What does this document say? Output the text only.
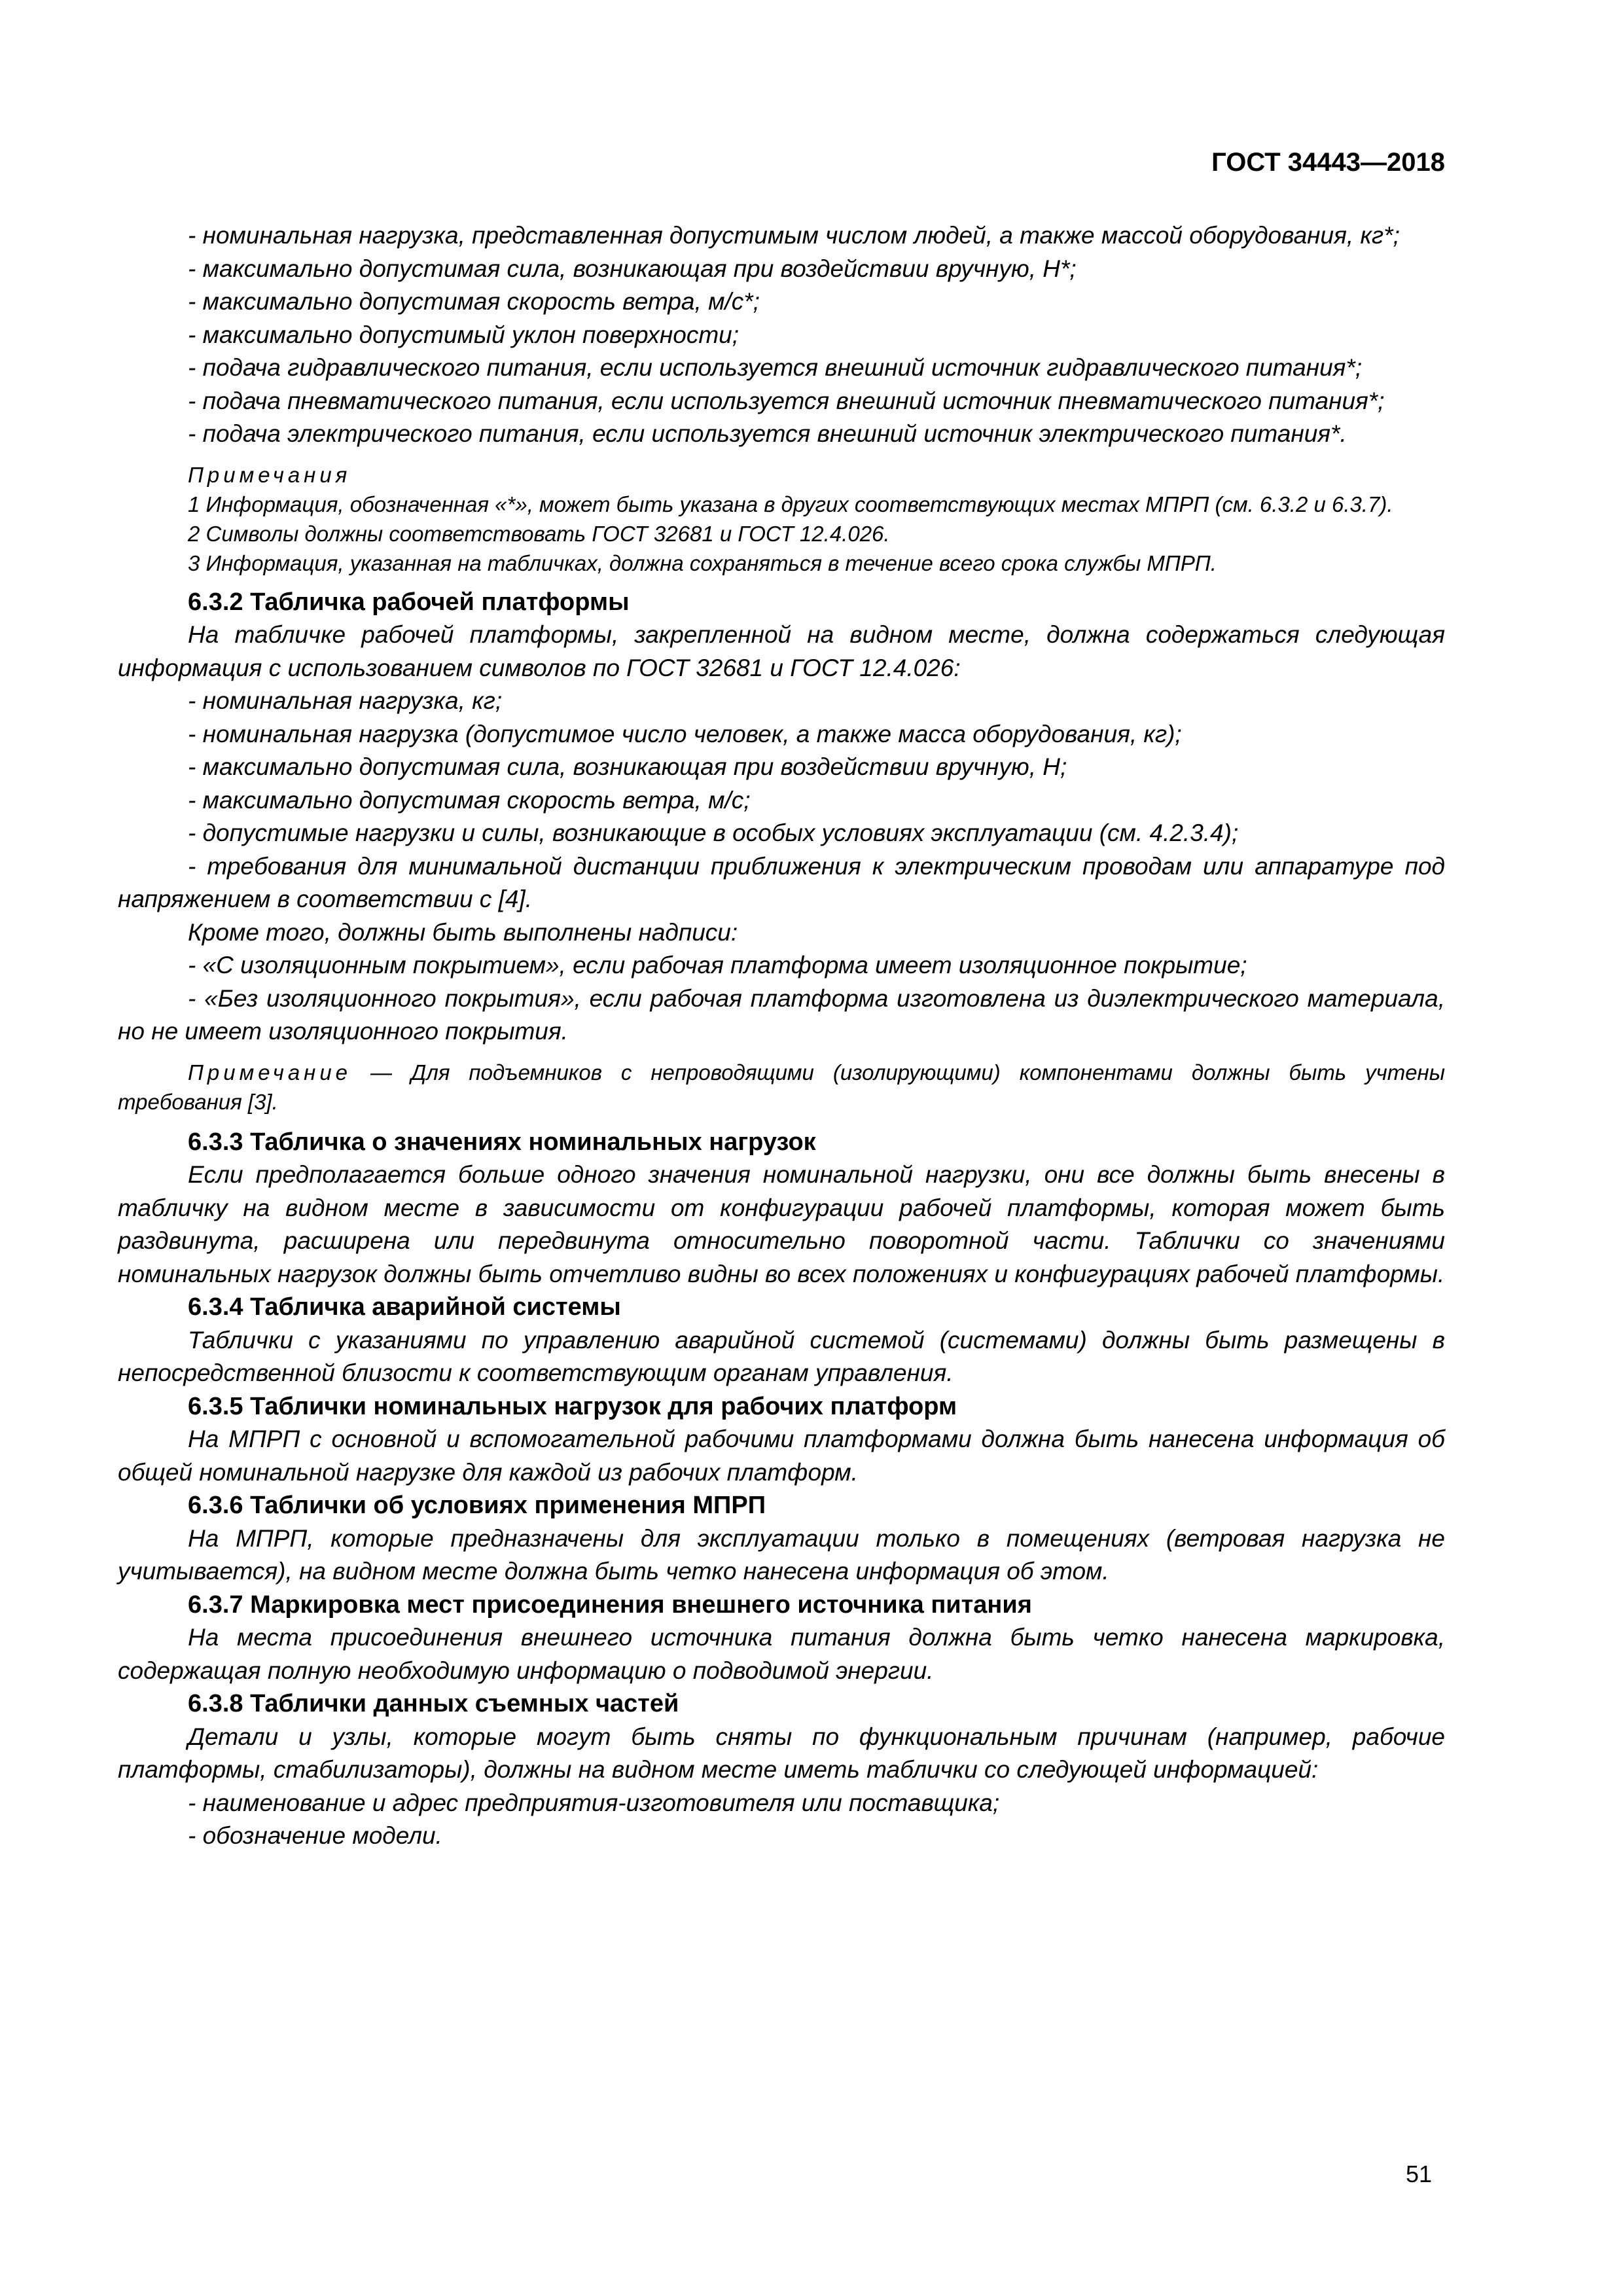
ГОСТ 34443—2018

- номинальная нагрузка, представленная допустимым числом людей, а также массой оборудования, кг*;

- максимально допустимая сила, возникающая при воздействии вручную, Н*;

- максимально допустимая скорость ветра, м/с*;

- максимально допустимый уклон поверхности;

- подача гидравлического питания, если используется внешний источник гидравлического питания*;

- подача пневматического питания, если используется внешний источник пневматического питания*;

- подача электрического питания, если используется внешний источник электрического питания*.

Примечания

1 Информация, обозначенная «*», может быть указана в других соответствующих местах МПРП (см. 6.3.2 и 6.3.7).

2 Символы должны соответствовать ГОСТ 32681 и ГОСТ 12.4.026.

3 Информация, указанная на табличках, должна сохраняться в течение всего срока службы МПРП.

6.3.2 Табличка рабочей платформы

На табличке рабочей платформы, закрепленной на видном месте, должна содержаться следующая информация с использованием символов по ГОСТ 32681 и ГОСТ 12.4.026:

- номинальная нагрузка, кг;

- номинальная нагрузка (допустимое число человек, а также масса оборудования, кг);

- максимально допустимая сила, возникающая при воздействии вручную, Н;

- максимально допустимая скорость ветра, м/с;

- допустимые нагрузки и силы, возникающие в особых условиях эксплуатации (см. 4.2.3.4);

- требования для минимальной дистанции приближения к электрическим проводам или аппаратуре под напряжением в соответствии с [4].

Кроме того, должны быть выполнены надписи:

- «С изоляционным покрытием», если рабочая платформа имеет изоляционное покрытие;

- «Без изоляционного покрытия», если рабочая платформа изготовлена из диэлектрического материала, но не имеет изоляционного покрытия.

Примечание — Для подъемников с непроводящими (изолирующими) компонентами должны быть учтены требования [3].

6.3.3 Табличка о значениях номинальных нагрузок

Если предполагается больше одного значения номинальной нагрузки, они все должны быть внесены в табличку на видном месте в зависимости от конфигурации рабочей платформы, которая может быть раздвинута, расширена или передвинута относительно поворотной части. Таблички со значениями номинальных нагрузок должны быть отчетливо видны во всех положениях и конфигурациях рабочей платформы.

6.3.4 Табличка аварийной системы

Таблички с указаниями по управлению аварийной системой (системами) должны быть размещены в непосредственной близости к соответствующим органам управления.

6.3.5 Таблички номинальных нагрузок для рабочих платформ

На МПРП с основной и вспомогательной рабочими платформами должна быть нанесена информация об общей номинальной нагрузке для каждой из рабочих платформ.

6.3.6 Таблички об условиях применения МПРП

На МПРП, которые предназначены для эксплуатации только в помещениях (ветровая нагрузка не учитывается), на видном месте должна быть четко нанесена информация об этом.

6.3.7 Маркировка мест присоединения внешнего источника питания

На места присоединения внешнего источника питания должна быть четко нанесена маркировка, содержащая полную необходимую информацию о подводимой энергии.

6.3.8 Таблички данных съемных частей

Детали и узлы, которые могут быть сняты по функциональным причинам (например, рабочие платформы, стабилизаторы), должны на видном месте иметь таблички со следующей информацией:

- наименование и адрес предприятия-изготовителя или поставщика;

- обозначение модели.

51
